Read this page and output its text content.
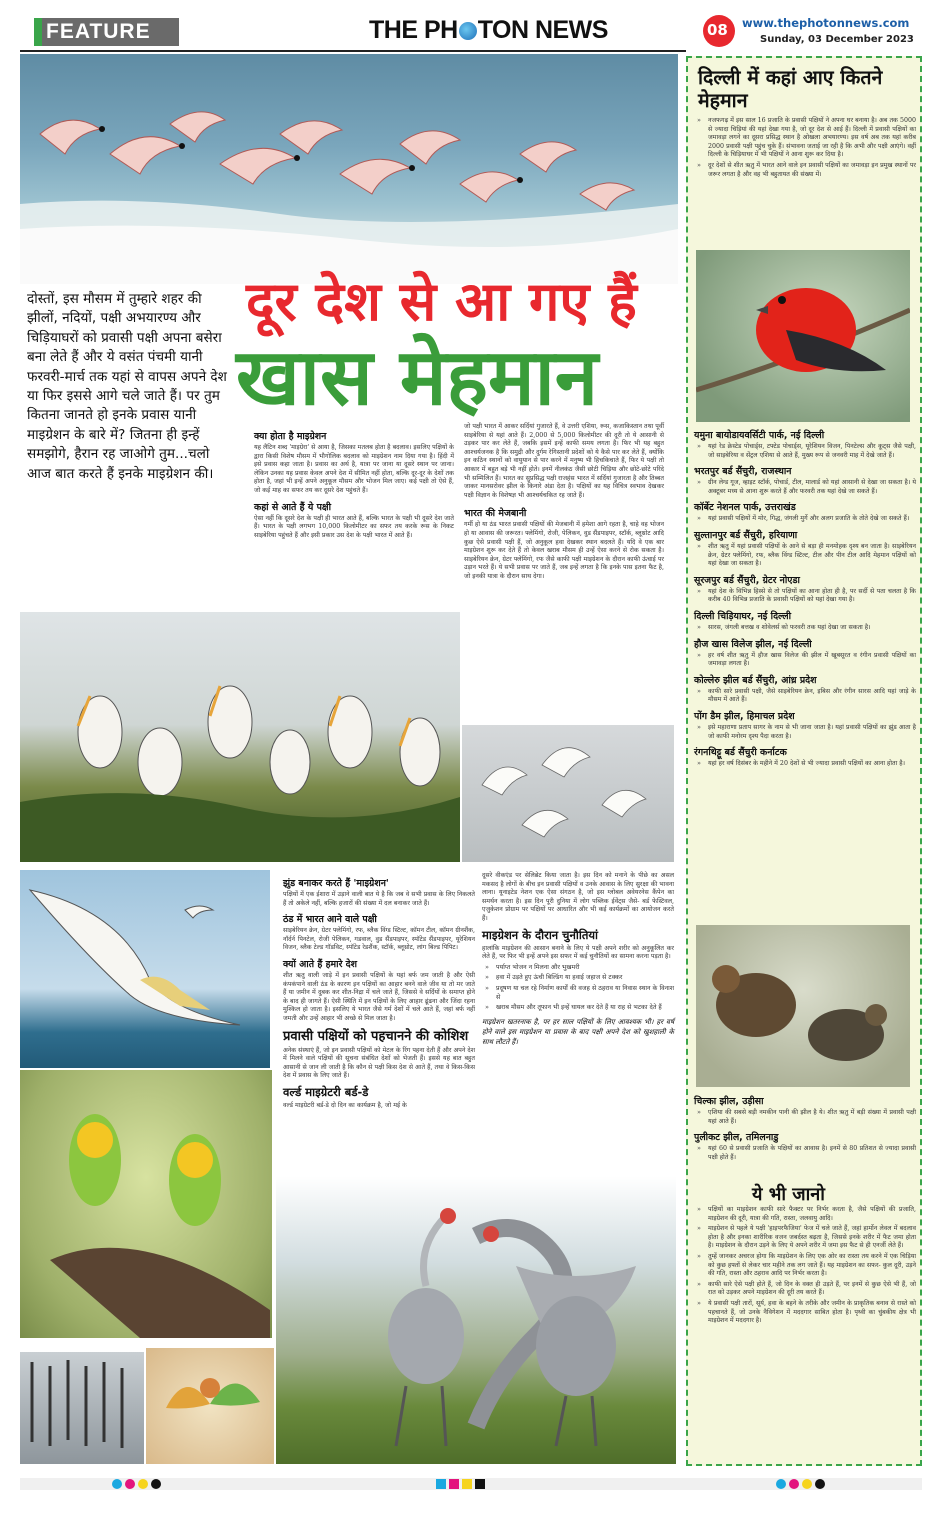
FEATURE	THE PH TON NEWS	08 www.thephotonnews.com
Sunday, 03 December 2023
दूर देश से आ गए हैं
खास मेहमान
दोस्तों, इस मौसम में तुम्हारे शहर की झीलों, नदियों, पक्षी अभयारण्य और चिड़ियाघरों को प्रवासी पक्षी अपना बसेरा बना लेते हैं और ये वसंत पंचमी यानी फरवरी-मार्च तक यहां से वापस अपने देश या फिर इससे आगे चले जाते हैं। पर तुम कितना जानते हो इनके प्रवास यानी माइग्रेशन के बारे में? जितना ही इन्हें समझोगे, हैरान रह जाओगे तुम...चलो आज बात करते हैं इनके माइग्रेशन की।
क्या होता है माइग्रेशन

यह लैटिन शब्द 'माइग्रेरा' से आया है, जिसका मतलब होता है बदलाव। इसलिए पक्षियों के द्वारा किसी विशेष मौसम में भौगोलिक बदलाव को माइग्रेशन नाम दिया गया है। हिंदी में इसे प्रवास कहा जाता है। प्रवास का अर्थ है, यात्रा पर जाना या दूसरे स्थान पर जाना। लेकिन उनका यह प्रवास केवल अपने देश में सीमित नहीं होता, बल्कि दूर-दूर के देशों तक होता है, जहां भी इन्हें अपने अनुकूल मौसम और भोजन मिल जाए। कई पक्षी तो ऐसे हैं, जो कई माह का सफर तय कर दूसरे देश पहुंचते हैं।

कहां से आते हैं ये पक्षी

ऐसा नहीं कि दूसरे देश के पक्षी ही भारत आते हैं, बल्कि भारत के पक्षी भी दूसरे देश जाते हैं। भारत के पक्षी लगभग 10,000 किलोमीटर का सफर तय करके रूस के निकट साइबेरिया पहुंचते हैं और इसी प्रकार उस देश के पक्षी भारत में आते हैं।

जो पक्षी भारत में आकर सर्दियां गुजारते हैं, वे उत्तरी एशिया, रूस, कजाकिस्तान तथा पूर्वी साइबेरिया से यहां आते हैं। 2,000 से 5,000 किलोमीटर की दूरी तो ये आसानी से उड़कर पार कर लेते हैं, जबकि इसमें इन्हें काफी समय लगता है। फिर भी यह बहुत आश्चर्यजनक है कि समुद्री और दुर्गम रेगिस्तानी प्रदेशों को ये कैसे पार कर लेते हैं, क्योंकि इन कठिन स्थानों को वायुयान से पार करने में मनुष्य भी हिचकिचाते हैं, फिर ये पक्षी तो आकार में बहुत बड़े भी नहीं होते। इनमें नीलकंठ जैसी छोटी चिड़िया और छोटे-छोटे परिंदे भी सम्मिलित हैं। भारत का सुप्रसिद्ध पक्षी राजहंस भारत में सर्दियां गुजारता है और तिब्बत जाकर मानसरोवर झील के किनारे अंडा देता है। पक्षियों का यह विचित्र स्वभाव देखकर पक्षी विज्ञान के विशेषज्ञ भी आश्चर्यचकित रह जाते हैं।

भारत की मेजबानी

गर्मी हो या ठंड भारत प्रवासी पक्षियों की मेजबानी में हमेशा आगे रहता है, चाहे वह भोजन हो या आवास की जरूरत। फ्लेमिंगो, रोजी, पेलिकन, वुड सैंडपाइपर, स्टॉर्क, ब्लूथ्रोट आदि कुछ ऐसे प्रवासी पक्षी हैं, जो अनुकूल हवा देखकर स्थान बदलते हैं। यदि वे एक बार माइग्रेशन शुरू कर देते हैं तो केवल खराब मौसम ही उन्हें ऐसा करने से रोक सकता है। साइबेरियन क्रेन, ग्रेटर फ्लेमिंगो, रफ जैसे काफी पक्षी माइग्रेशन के दौरान काफी ऊंचाई पर उड़ान भरते हैं। ये सभी प्रवास पर जाते हैं, जब इन्हें लगता है कि इनके पास इतना फैट है, जो इनकी यात्रा के दौरान साथ देगा।

झुंड बनाकर करते हैं 'माइग्रेशन'

पक्षियों में एक ईशारा में उड़ाने वाली बात ये है कि जब वे सभी प्रवास के लिए निकलते हैं तो अकेले नहीं, बल्कि हजारों की संख्या में दल बनाकर जाते हैं।

ठंड में भारत आने वाले पक्षी

साइबेरियन क्रेन, ग्रेटर फ्लेमिंगो, रफ, ब्लैक विंग्ड स्टिल्ट, कॉमन टील, कॉमन ग्रीनशैंक, नॉर्दर्न पिनटेल, रोजी पेलिकन, गडवाल, वुड सैंडपाइपर, स्पॉटेड सैंडपाइपर, यूरेशियन विजन, ब्लैक टेल्ड गॉडविट, स्पॉटेड रेडशैंक, स्टॉर्क, ब्लूथ्रोट, लांग बिल्ड पिपिट।

क्यों आते हैं हमारे देश

शीत ऋतु वाली जाड़े में इन प्रवासी पक्षियों के यहां बर्फ जम जाती है और ऐसी कंपकंपाने वाली ठंड के कारण इन पक्षियों का आहार बनने वाले जीव या तो मर जाते हैं या जमीन में दुबक कर शीत-निद्रा में चले जाते हैं, जिससे वे सर्दियों के समाप्त होने के बाद ही जागते हैं। ऐसी स्थिति में इन पक्षियों के लिए आहार ढूंढना और जिंदा रहना मुश्किल हो जाता है। इसलिए ये भारत जैसे गर्म देशों में चले आते हैं, जहां बर्फ नहीं जमती और उन्हें आहार भी अच्छे से मिल जाता है।

प्रवासी पक्षियों को पहचानने की कोशिश

अनेक संस्थाएं हैं, जो इन प्रवासी पक्षियों को मेटल के रिंग पहना देती हैं और अपने देश में मिलने वाले पक्षियों की सूचना संबंधित देशों को भेजती हैं। इससे यह बात बहुत आसानी से जान ली जाती है कि कौन से पक्षी किस देश से आते हैं, तथा वे किस-किस देश में प्रवास के लिए जाते हैं।

वर्ल्ड माइग्रेटरी बर्ड-डे

वर्ल्ड माइग्रेटरी बर्ड-डे दो दिन का कार्यक्रम है, जो मई के

दूसरे वीकएंड पर सेलिब्रेट किया जाता है। इस दिन को मनाने के पीछे का असल मकसद है लोगों के बीच इन प्रवासी पक्षियों व उनके आवास के लिए सुरक्षा की भावना लाना। यूनाइटेड नेशन एक ऐसा संगठन है, जो इस ग्लोबल अवेयरनेस कैंपेन का समर्थन करता है। इस दिन पूरी दुनिया में लोग पब्लिक ईवेंट्स जैसे- बर्ड फेस्टिवल, एजुकेशन प्रोग्राम पर पक्षियों पर आधारित और भी कई कार्यक्रमों का आयोजन करते हैं।

माइग्रेशन के दौरान चुनौतियां

हालांकि माइग्रेशन की आसान बनाने के लिए ये पक्षी अपने शरीर को अनुकूलित कर लेते हैं, पर फिर भी इन्हें अपने इस सफर में कई चुनौतियों का सामना करना पड़ता है।

» पर्याप्त भोजन न मिलना और भुखमरी
» हवा में उड़ते हुए ऊंची बिल्डिंग या हवाई जहाज से टक्कर
» प्रदूषण या चल रहे निर्माण कार्यों की वजह से ठहराव या निवास स्थान के विनाश से
» खराब मौसम और तूफान भी इन्हें घायल कर देते हैं या राह से भटका देते हैं

माइग्रेशन खतरनाक है, पर हर साल पक्षियों के लिए आवश्यक भी। हर वर्ष होने वाले इस माइग्रेशन या प्रवास के बाद पक्षी अपने देश को खुशहाली के साथ लौटते हैं।

दिल्ली में कहां आए कितने मेहमान
» नजफगढ़ में इस साल 16 प्रजाति के प्रवासी पक्षियों ने अपना घर बनाया है। अब तक 5000 से ज्यादा चिड़ियां की यहां देखा गया है, जो दूर देश से आई हैं। दिल्ली में प्रवासी पक्षियों का जमावड़ा लगने का दूसरा प्रसिद्ध स्थान है ओखला अभयारण्य। इस वर्ष अब तक यहां करीब 2000 प्रवासी पक्षी पहुंच चुके हैं। संभावना जताई जा रही है कि अभी और पक्षी आएंगे। वहीं दिल्ली के चिड़ियाघर में भी पक्षियों ने आना शुरू कर दिया है।
» दूर देशों से शीत ऋतु में भारत आने वाले इन प्रवासी पक्षियों का जमावड़ा इन प्रमुख स्थानों पर जरूर लगता है और वह भी बहुतायत की संख्या में।
यमुना बायोडायवर्सिटी पार्क, नई दिल्ली
» यहां रेड क्रेस्टेड पोचार्ड्स, टफ्टेड पोचार्ड्स, यूरेशियन विजन, पिनटेल्स और कूट्स जैसे पक्षी, जो साइबेरिया व सेंट्रल एशिया से आते हैं, मुख्य रूप से जनवरी माह में देखे जाते हैं।
भरतपुर बर्ड सैंचुरी, राजस्थान
» ग्रीन लेग्ड गूज, व्हाइट स्टॉर्क, पोचार्ड, टील, मालार्ड को यहां आसानी से देखा जा सकता है। ये अक्टूबर मध्य से आना शुरू करते हैं और फरवरी तक यहां देखे जा सकते हैं।
कॉर्बेट नेशनल पार्क, उत्तराखंड
» यहां प्रवासी पक्षियों में मोर, गिद्ध, जंगली मुर्गे और अलग प्रजाति के तोते देखे जा सकते हैं।
सुल्तानपुर बर्ड सैंचुरी, हरियाणा
» शीत ऋतु में यहां प्रवासी पक्षियों के आने से बड़ा ही मनमोहक दृश्य बन जाता है। साइबेरियन क्रेन, ग्रेटर फ्लेमिंगो, रफ, ब्लैक विंग्ड स्टिल्ट, टील और पीन टील आदि मेहमान पक्षियों को यहां देखा जा सकता है।
सूरजपुर बर्ड सैंचुरी, ग्रेटर नोएडा
» यहां देश के विभिन्न हिस्से से तो पक्षियों का आना होता ही है, पर सर्दी से पता चलता है कि करीब 40 विभिन्न प्रजाति के प्रवासी पक्षियों को यहां देखा गया है।
दिल्ली चिड़ियाघर, नई दिल्ली
» सारस, जंगली बत्तख व शोवेलर्स को फरवरी तक यहां देखा जा सकता है।
हौज खास विलेज झील, नई दिल्ली
» हर वर्ष शीत ऋतु में हौज खास विलेज की झील में खूबसूरत व रंगीन प्रवासी पक्षियों का जमावड़ा लगता है।
कोल्लेरु झील बर्ड सैंचुरी, आंध्र प्रदेश
» काफी सारे प्रवासी पक्षी, जैसे साइबेरियन क्रेन, इबिस और रंगीन सारस आदि यहां जाड़े के मौसम में आते हैं।
पोंग डैम झील, हिमाचल प्रदेश
» इसे महाराणा प्रताप सागर के नाम से भी जाना जाता है। यहां प्रवासी पक्षियों का झुंड आता है जो काफी मनोरम दृश्य पैदा करता है।
रंगनथिट्टू बर्ड सैंचुरी कर्नाटक
» यहां हर वर्ष दिसंबर के महीने में 20 देशों से भी ज्यादा प्रवासी पक्षियों का आना होता है।
चिल्का झील, उड़ीसा
» एशिया की सबसे बड़ी नमकीन पानी की झील है ये। शीत ऋतु में बड़ी संख्या में प्रवासी पक्षी यहां आते हैं।
पुलीकट झील, तमिलनाडु
» यहां 60 से प्रवासी प्रजाति के पक्षियों का आवास है। इनमें से 80 प्रतिशत से ज्यादा प्रवासी पक्षी होते हैं।
ये भी जानो
» पक्षियों का माइग्रेशन काफी सारे फैक्टर पर निर्भर करता है, जैसे पक्षियों की प्रजाति, माइग्रेशन की दूरी, यात्रा की गति, रास्ता, जलवायु आदि।
» माइग्रेशन से पहले ये पक्षी 'हाइपरफैजिया' फेज में चले जाते हैं, जहां हार्मोन लेवल में बदलाव होता है और इनका शारीरिक वजन जबर्दस्त बढ़ता है, जिससे इनके शरीर में फैट जमा होता है। माइग्रेशन के दौरान उड़ने के लिए ये अपने शरीर में जमा इस फैट से ही एनर्जी लेते हैं।
» तुम्हें जानकर अचरज होगा कि माइग्रेशन के लिए एक ओर का रास्ता तय करने में एक चिड़िया को कुछ हफ्तों से लेकर चार महीने तक लग जाते हैं। यह माइग्रेशन का सफर- कुल दूरी, उड़ने की गति, रास्ता और ठहराव आदि पर निर्भर करता है।
» काफी सारे ऐसे पक्षी होते हैं, जो दिन के वक्त ही उड़ते हैं, पर इनमें से कुछ ऐसे भी हैं, जो रात को उड़कर अपने माइग्रेशन की दूरी तय करते हैं।
» ये प्रवासी पक्षी तारों, सूर्य, हवा के बहने के तरीके और जमीन के प्राकृतिक बनाव से रास्ते को पहचानते हैं, जो उनके नैविगेशन में मददगार साबित होता है। पृथ्वी का चुंबकीय क्षेत्र भी माइग्रेशन में मददगार है।
